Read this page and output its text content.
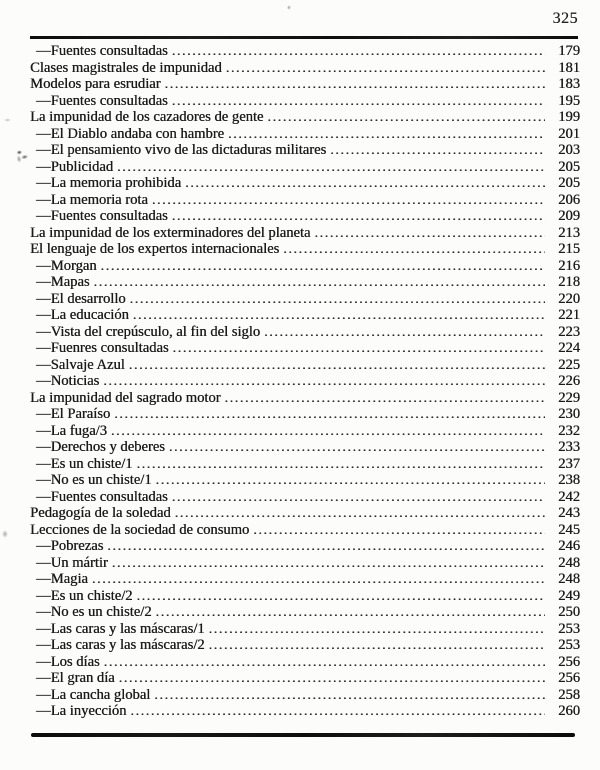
325
—Fuentes consultadas .....	179
Clases magistrales de impunidad .....	181
Modelos para esrudiar .....	183
—Fuentes consultadas .....	195
La impunidad de los cazadores de gente .....	199
—El Diablo andaba con hambre .....	201
—El pensamiento vivo de las dictaduras militares .....	203
—Publicidad .....	205
—La memoria prohibida .....	205
—La memoria rota .....	206
—Fuentes consultadas .....	209
La impunidad de los exterminadores del planeta .....	213
El lenguaje de los expertos internacionales .....	215
—Morgan .....	216
—Mapas .....	218
—El desarrollo .....	220
—La educación .....	221
—Vista del crepúsculo, al fin del siglo .....	223
—Fuenres consultadas .....	224
—Salvaje Azul .....	225
—Noticias .....	226
La impunidad del sagrado motor .....	229
—El Paraíso .....	230
—La fuga/3 .....	232
—Derechos y deberes .....	233
—Es un chiste/1 .....	237
—No es un chiste/1 .....	238
—Fuentes consultadas .....	242
Pedagogía de la soledad .....	243
Lecciones de la sociedad de consumo .....	245
—Pobrezas .....	246
—Un mártir .....	248
—Magia .....	248
—Es un chiste/2 .....	249
—No es un chiste/2 .....	250
—Las caras y las máscaras/1 .....	253
—Las caras y las máscaras/2 .....	253
—Los días .....	256
—El gran día .....	256
—La cancha global .....	258
—La inyección .....	260
